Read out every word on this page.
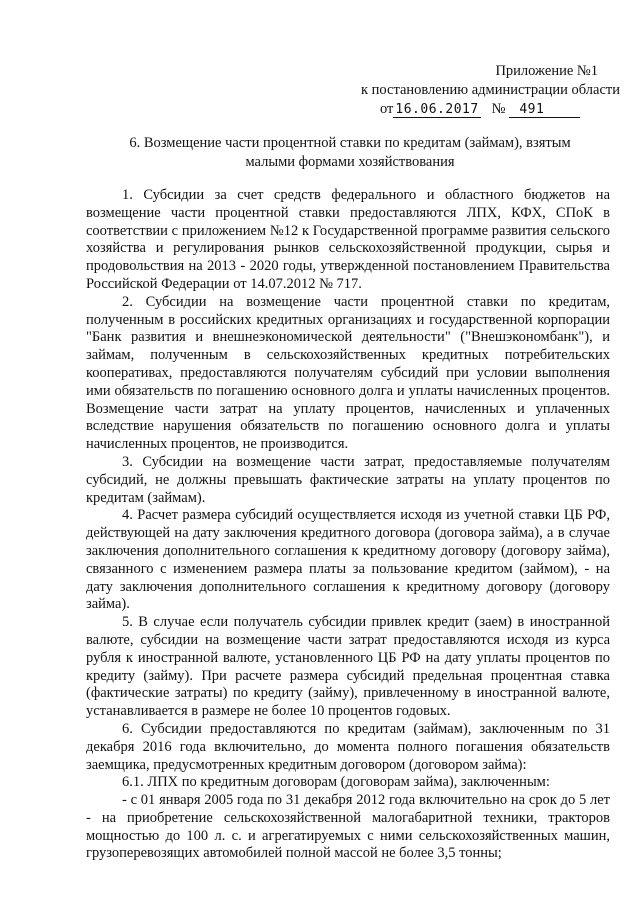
Приложение №1
к постановлению администрации области
от 16.06.2017 № 491
6. Возмещение части процентной ставки по кредитам (займам), взятым
малыми формами хозяйствования

1. Субсидии за счет средств федерального и областного бюджетов на возмещение части процентной ставки предоставляются ЛПХ, КФХ, СПоК в соответствии с приложением №12 к Государственной программе развития сельского хозяйства и регулирования рынков сельскохозяйственной продукции, сырья и продовольствия на 2013 - 2020 годы, утвержденной постановлением Правительства Российской Федерации от 14.07.2012 № 717.

2. Субсидии на возмещение части процентной ставки по кредитам, полученным в российских кредитных организациях и государственной корпорации "Банк развития и внешнеэкономической деятельности" ("Внешэкономбанк"), и займам, полученным в сельскохозяйственных кредитных потребительских кооперативах, предоставляются получателям субсидий при условии выполнения ими обязательств по погашению основного долга и уплаты начисленных процентов. Возмещение части затрат на уплату процентов, начисленных и уплаченных вследствие нарушения обязательств по погашению основного долга и уплаты начисленных процентов, не производится.

3. Субсидии на возмещение части затрат, предоставляемые получателям субсидий, не должны превышать фактические затраты на уплату процентов по кредитам (займам).

4. Расчет размера субсидий осуществляется исходя из учетной ставки ЦБ РФ, действующей на дату заключения кредитного договора (договора займа), а в случае заключения дополнительного соглашения к кредитному договору (договору займа), связанного с изменением размера платы за пользование кредитом (займом), - на дату заключения дополнительного соглашения к кредитному договору (договору займа).

5. В случае если получатель субсидии привлек кредит (заем) в иностранной валюте, субсидии на возмещение части затрат предоставляются исходя из курса рубля к иностранной валюте, установленного ЦБ РФ на дату уплаты процентов по кредиту (займу). При расчете размера субсидий предельная процентная ставка (фактические затраты) по кредиту (займу), привлеченному в иностранной валюте, устанавливается в размере не более 10 процентов годовых.

6. Субсидии предоставляются по кредитам (займам), заключенным по 31 декабря 2016 года включительно, до момента полного погашения обязательств заемщика, предусмотренных кредитным договором (договором займа):

6.1. ЛПХ по кредитным договорам (договорам займа), заключенным:

- с 01 января 2005 года по 31 декабря 2012 года включительно на срок до 5 лет - на приобретение сельскохозяйственной малогабаритной техники, тракторов мощностью до 100 л. с. и агрегатируемых с ними сельскохозяйственных машин, грузоперевозящих автомобилей полной массой не более 3,5 тонны;
